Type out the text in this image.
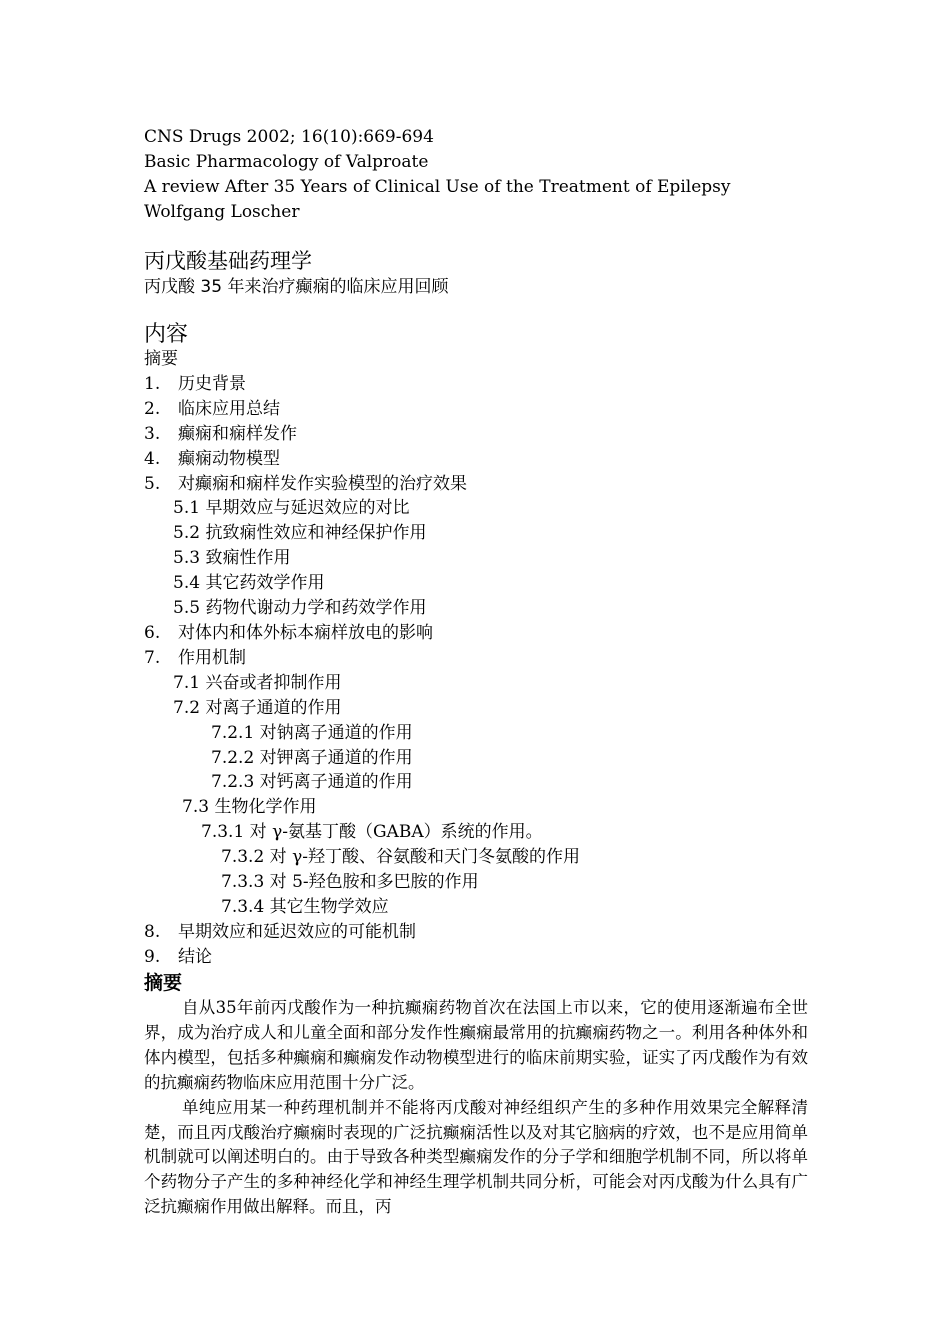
CNS Drugs 2002; 16(10):669-694
Basic Pharmacology of Valproate
A review After 35 Years of Clinical Use of the Treatment of Epilepsy
Wolfgang Loscher
丙戊酸基础药理学
丙戊酸 35 年来治疗癫痫的临床应用回顾
内容
摘要
1. 历史背景
2. 临床应用总结
3. 癫痫和痫样发作
4. 癫痫动物模型
5. 对癫痫和痫样发作实验模型的治疗效果
5.1 早期效应与延迟效应的对比
5.2 抗致痫性效应和神经保护作用
5.3 致痫性作用
5.4 其它药效学作用
5.5 药物代谢动力学和药效学作用
6. 对体内和体外标本痫样放电的影响
7. 作用机制
7.1 兴奋或者抑制作用
7.2 对离子通道的作用
7.2.1 对钠离子通道的作用
7.2.2 对钾离子通道的作用
7.2.3 对钙离子通道的作用
7.3 生物化学作用
7.3.1 对 γ-氨基丁酸（GABA）系统的作用。
7.3.2 对 γ-羟丁酸、谷氨酸和天门冬氨酸的作用
7.3.3 对 5-羟色胺和多巴胺的作用
7.3.4 其它生物学效应
8. 早期效应和延迟效应的可能机制
9. 结论
摘要

自从35年前丙戊酸作为一种抗癫痫药物首次在法国上市以来，它的使用逐渐遍布全世界，成为治疗成人和儿童全面和部分发作性癫痫最常用的抗癫痫药物之一。利用各种体外和体内模型，包括多种癫痫和癫痫发作动物模型进行的临床前期实验，证实了丙戊酸作为有效的抗癫痫药物临床应用范围十分广泛。

单纯应用某一种药理机制并不能将丙戊酸对神经组织产生的多种作用效果完全解释清楚，而且丙戊酸治疗癫痫时表现的广泛抗癫痫活性以及对其它脑病的疗效，也不是应用简单机制就可以阐述明白的。由于导致各种类型癫痫发作的分子学和细胞学机制不同，所以将单个药物分子产生的多种神经化学和神经生理学机制共同分析，可能会对丙戊酸为什么具有广泛抗癫痫作用做出解释。而且，丙
